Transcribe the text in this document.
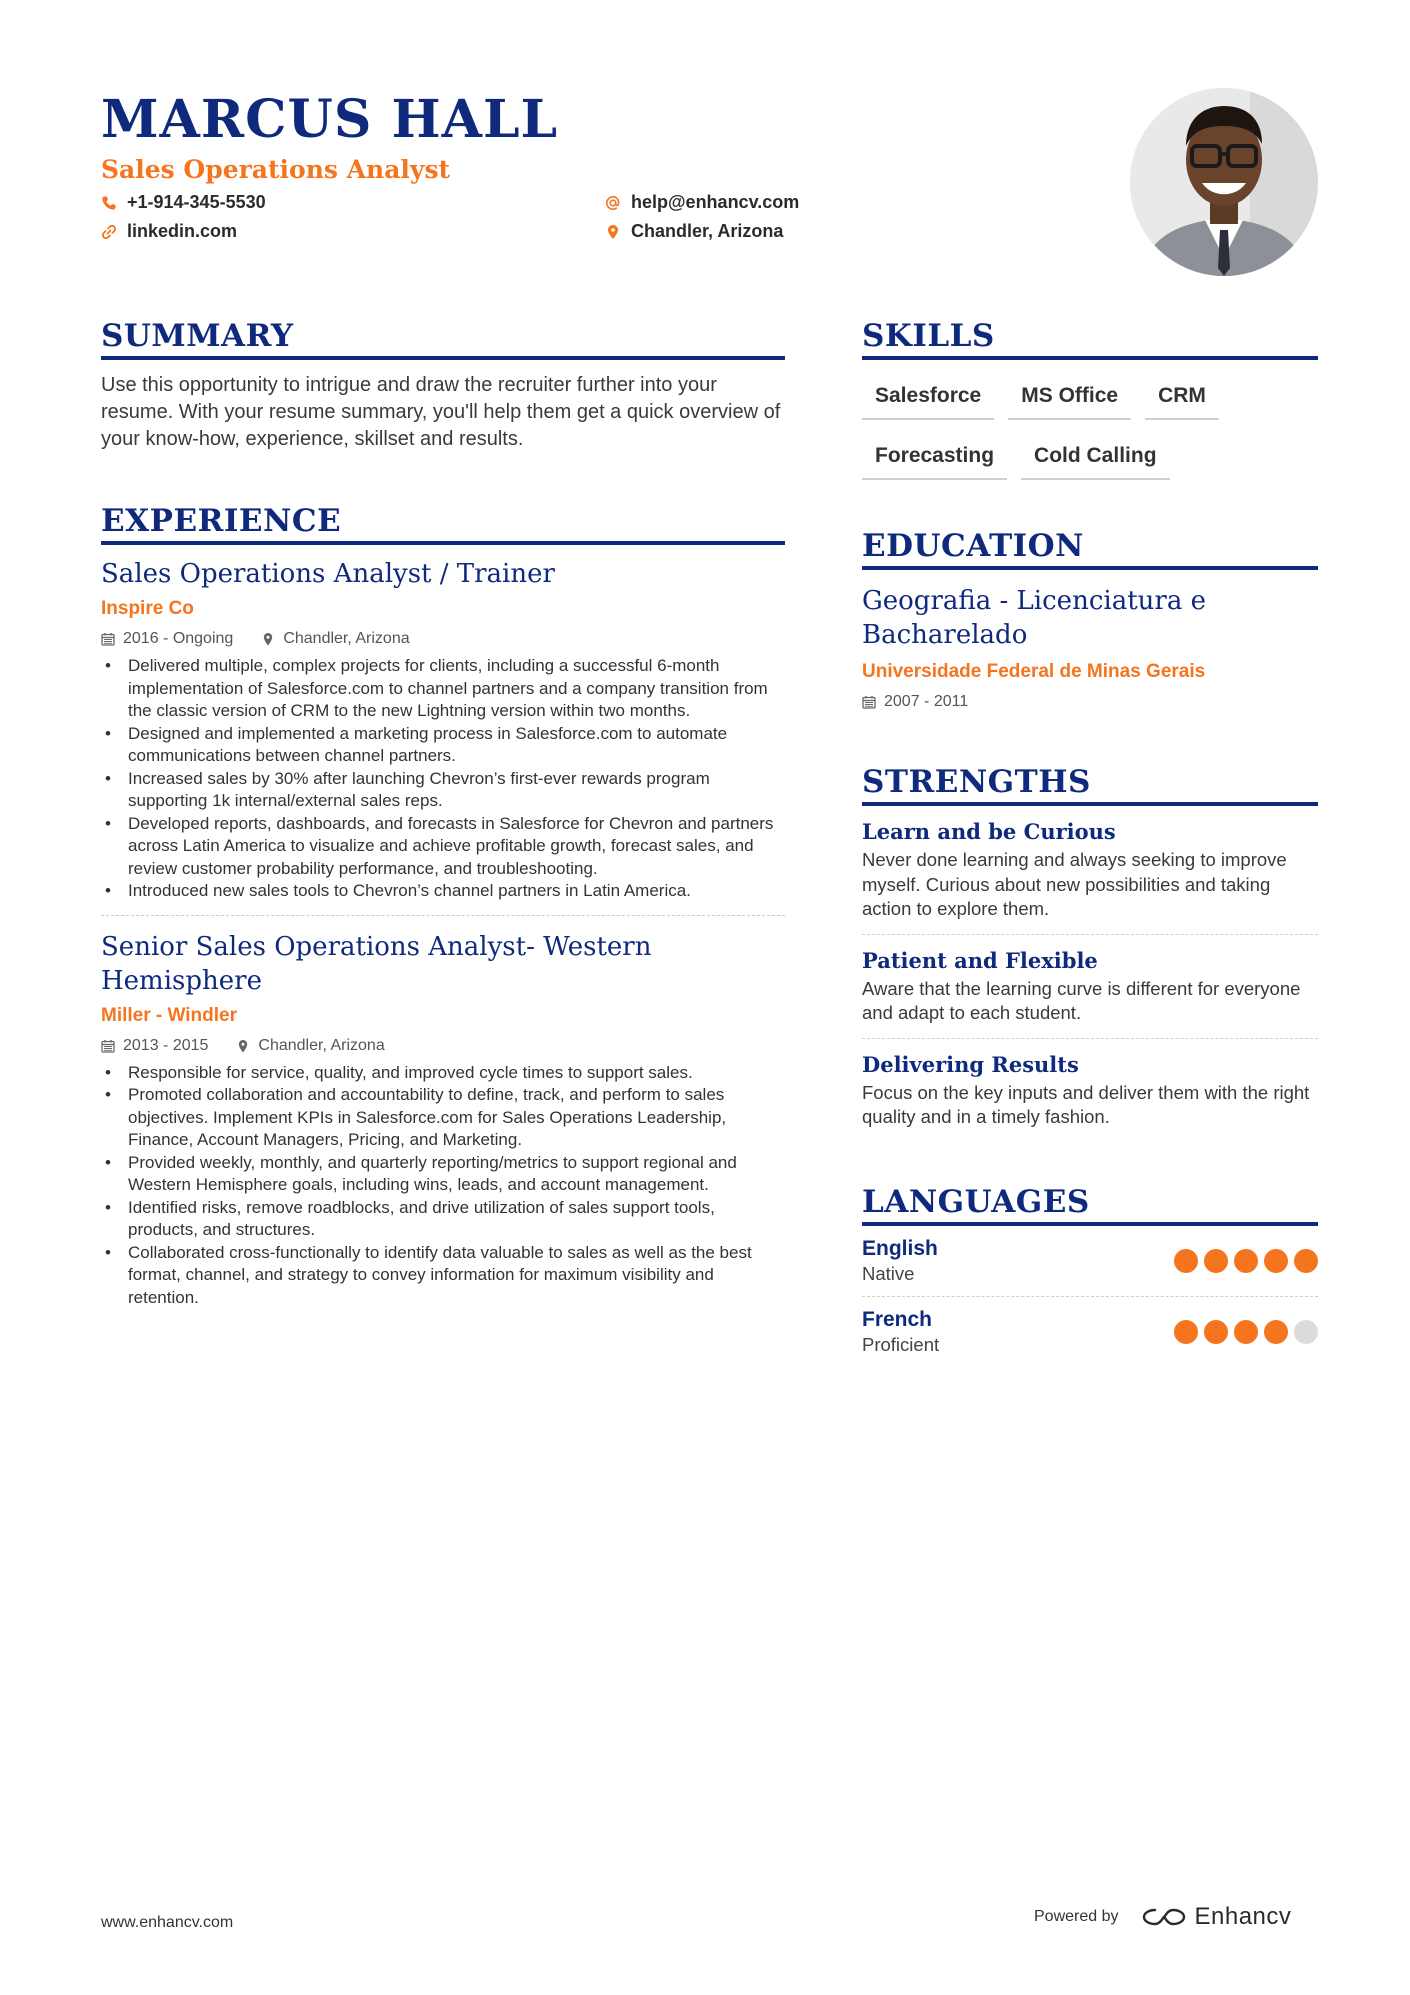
MARCUS HALL
Sales Operations Analyst
+1-914-345-5530
linkedin.com
help@enhancv.com
Chandler, Arizona
SUMMARY
Use this opportunity to intrigue and draw the recruiter further into your resume. With your resume summary, you'll help them get a quick overview of your know-how, experience, skillset and results.
EXPERIENCE
Sales Operations Analyst / Trainer
Inspire Co
2016 - Ongoing	Chandler, Arizona
• Delivered multiple, complex projects for clients, including a successful 6-month implementation of Salesforce.com to channel partners and a company transition from the classic version of CRM to the new Lightning version within two months.
• Designed and implemented a marketing process in Salesforce.com to automate communications between channel partners.
• Increased sales by 30% after launching Chevron’s first-ever rewards program supporting 1k internal/external sales reps.
• Developed reports, dashboards, and forecasts in Salesforce for Chevron and partners across Latin America to visualize and achieve profitable growth, forecast sales, and review customer probability performance, and troubleshooting.
• Introduced new sales tools to Chevron’s channel partners in Latin America.
Senior Sales Operations Analyst- Western Hemisphere
Miller - Windler
2013 - 2015	Chandler, Arizona
• Responsible for service, quality, and improved cycle times to support sales.
• Promoted collaboration and accountability to define, track, and perform to sales objectives. Implement KPIs in Salesforce.com for Sales Operations Leadership, Finance, Account Managers, Pricing, and Marketing.
• Provided weekly, monthly, and quarterly reporting/metrics to support regional and Western Hemisphere goals, including wins, leads, and account management.
• Identified risks, remove roadblocks, and drive utilization of sales support tools, products, and structures.
• Collaborated cross-functionally to identify data valuable to sales as well as the best format, channel, and strategy to convey information for maximum visibility and retention.
SKILLS
Salesforce	MS Office	CRM
Forecasting	Cold Calling
EDUCATION
Geografia - Licenciatura e Bacharelado
Universidade Federal de Minas Gerais
2007 - 2011
STRENGTHS
Learn and be Curious
Never done learning and always seeking to improve myself. Curious about new possibilities and taking action to explore them.
Patient and Flexible
Aware that the learning curve is different for everyone and adapt to each student.
Delivering Results
Focus on the key inputs and deliver them with the right quality and in a timely fashion.
LANGUAGES
English
Native
French
Proficient
www.enhancv.com	Powered by	Enhancv
